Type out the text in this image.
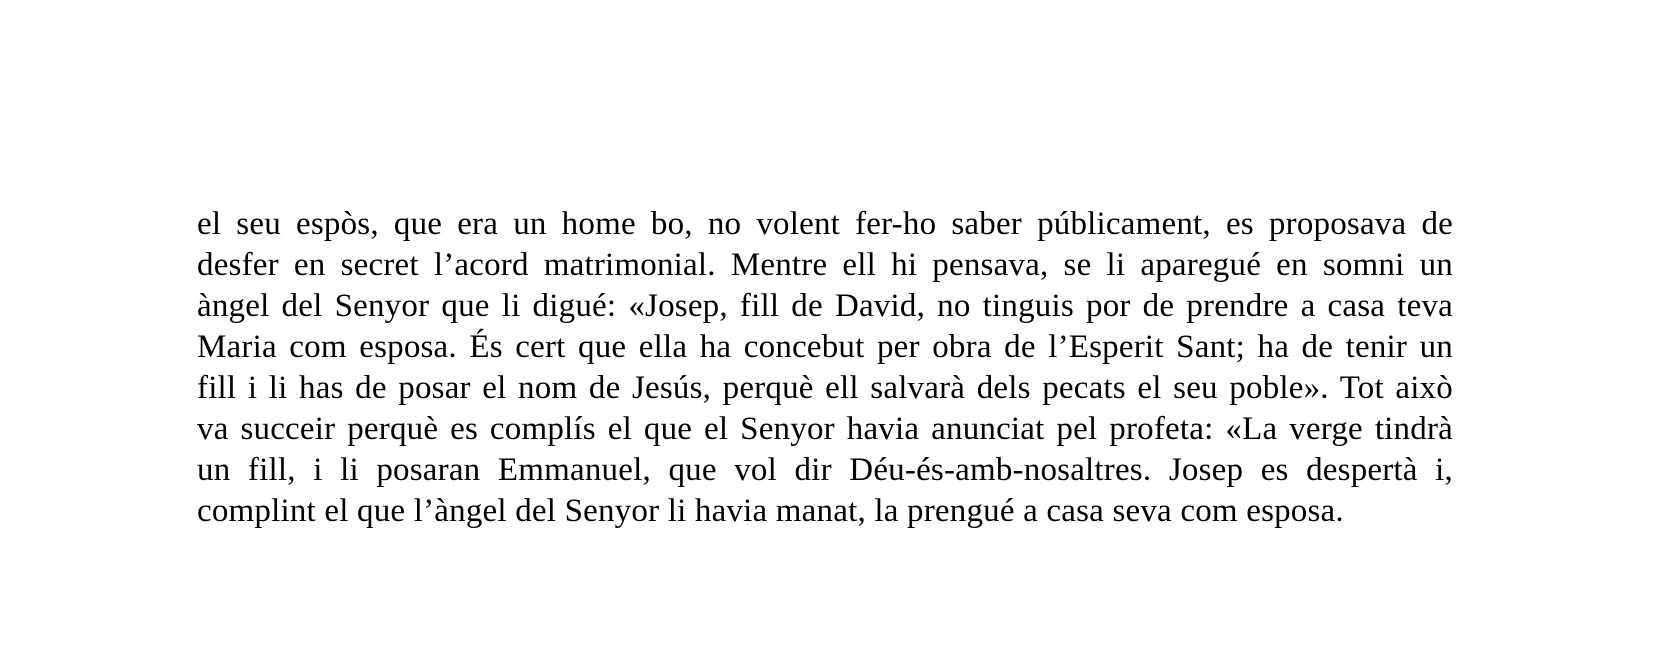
el seu espòs, que era un home bo, no volent fer-ho saber públicament, es proposava de
desfer en secret l’acord matrimonial. Mentre ell hi pensava, se li aparegué en somni un
àngel del Senyor que li digué: «Josep, fill de David, no tinguis por de prendre a casa teva
Maria com esposa. És cert que ella ha concebut per obra de l’Esperit Sant; ha de tenir un
fill i li has de posar el nom de Jesús, perquè ell salvarà dels pecats el seu poble». Tot això
va succeir perquè es complís el que el Senyor havia anunciat pel profeta: «La verge tindrà
un fill, i li posaran Emmanuel, que vol dir Déu-és-amb-nosaltres. Josep es despertà i,
complint el que l’àngel del Senyor li havia manat, la prengué a casa seva com esposa.
